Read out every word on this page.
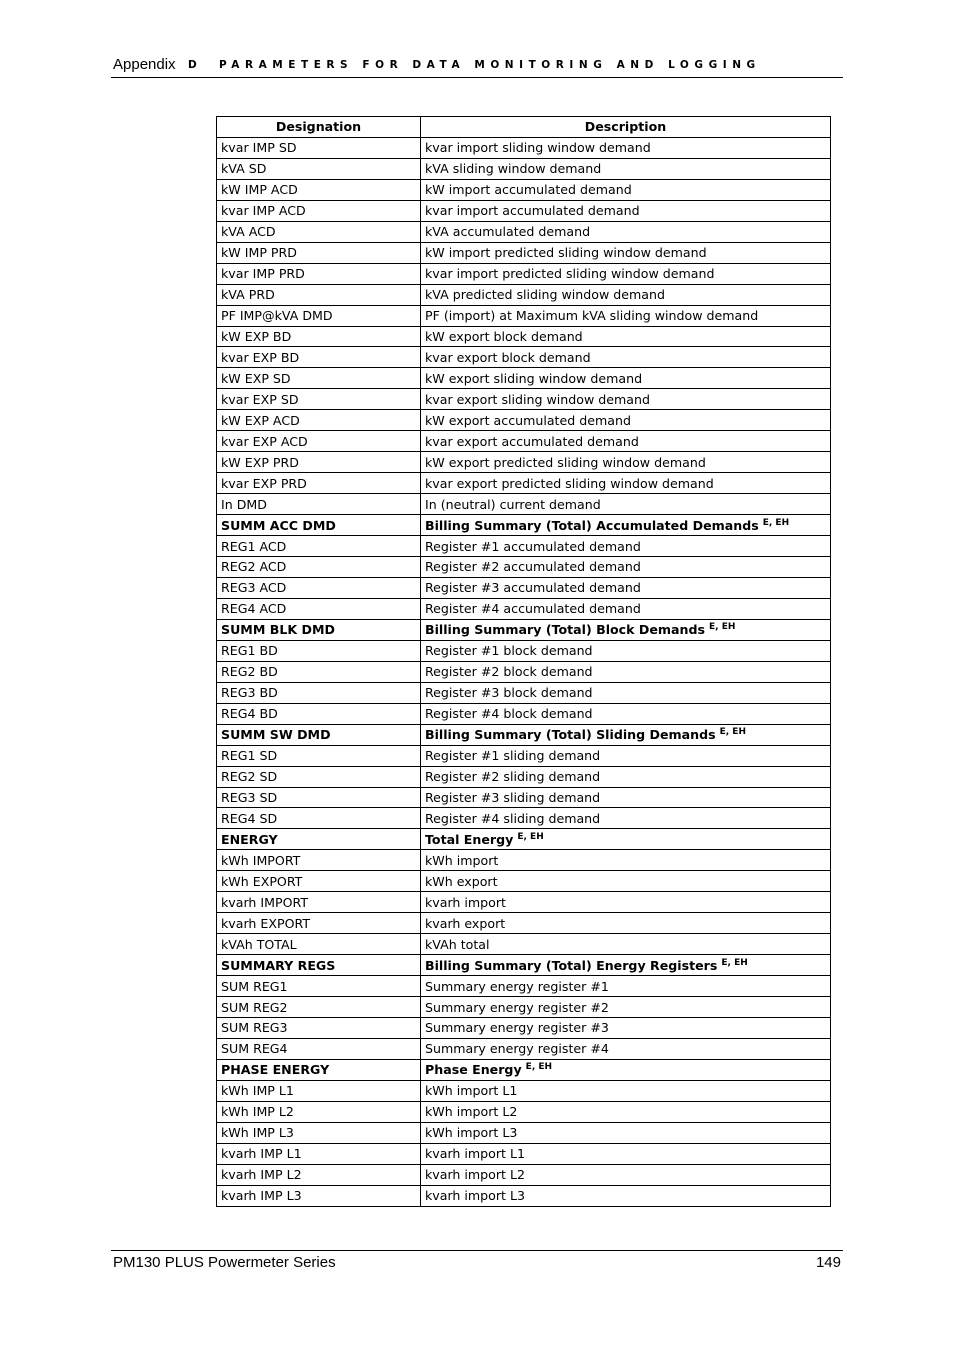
Appendix D PARAMETERS FOR DATA MONITORING AND LOGGING
Designation	Description
kvar IMP SD	kvar import sliding window demand
kVA SD	kVA sliding window demand
kW IMP ACD	kW import accumulated demand
kvar IMP ACD	kvar import accumulated demand
kVA ACD	kVA accumulated demand
kW IMP PRD	kW import predicted sliding window demand
kvar IMP PRD	kvar import predicted sliding window demand
kVA PRD	kVA predicted sliding window demand
PF IMP@kVA DMD	PF (import) at Maximum kVA sliding window demand
kW EXP BD	kW export block demand
kvar EXP BD	kvar export block demand
kW EXP SD	kW export sliding window demand
kvar EXP SD	kvar export sliding window demand
kW EXP ACD	kW export accumulated demand
kvar EXP ACD	kvar export accumulated demand
kW EXP PRD	kW export predicted sliding window demand
kvar EXP PRD	kvar export predicted sliding window demand
In DMD	In (neutral) current demand
SUMM ACC DMD	Billing Summary (Total) Accumulated Demands $^{E, EH}$
REG1 ACD	Register #1 accumulated demand
REG2 ACD	Register #2 accumulated demand
REG3 ACD	Register #3 accumulated demand
REG4 ACD	Register #4 accumulated demand
SUMM BLK DMD	Billing Summary (Total) Block Demands $^{E, EH}$
REG1 BD	Register #1 block demand
REG2 BD	Register #2 block demand
REG3 BD	Register #3 block demand
REG4 BD	Register #4 block demand
SUMM SW DMD	Billing Summary (Total) Sliding Demands $^{E, EH}$
REG1 SD	Register #1 sliding demand
REG2 SD	Register #2 sliding demand
REG3 SD	Register #3 sliding demand
REG4 SD	Register #4 sliding demand
ENERGY	Total Energy $^{E, EH}$
kWh IMPORT	kWh import
kWh EXPORT	kWh export
kvarh IMPORT	kvarh import
kvarh EXPORT	kvarh export
kVAh TOTAL	kVAh total
SUMMARY REGS	Billing Summary (Total) Energy Registers $^{E, EH}$
SUM REG1	Summary energy register #1
SUM REG2	Summary energy register #2
SUM REG3	Summary energy register #3
SUM REG4	Summary energy register #4
PHASE ENERGY	Phase Energy $^{E, EH}$
kWh IMP L1	kWh import L1
kWh IMP L2	kWh import L2
kWh IMP L3	kWh import L3
kvarh IMP L1	kvarh import L1
kvarh IMP L2	kvarh import L2
kvarh IMP L3	kvarh import L3
PM130 PLUS Powermeter Series	149
